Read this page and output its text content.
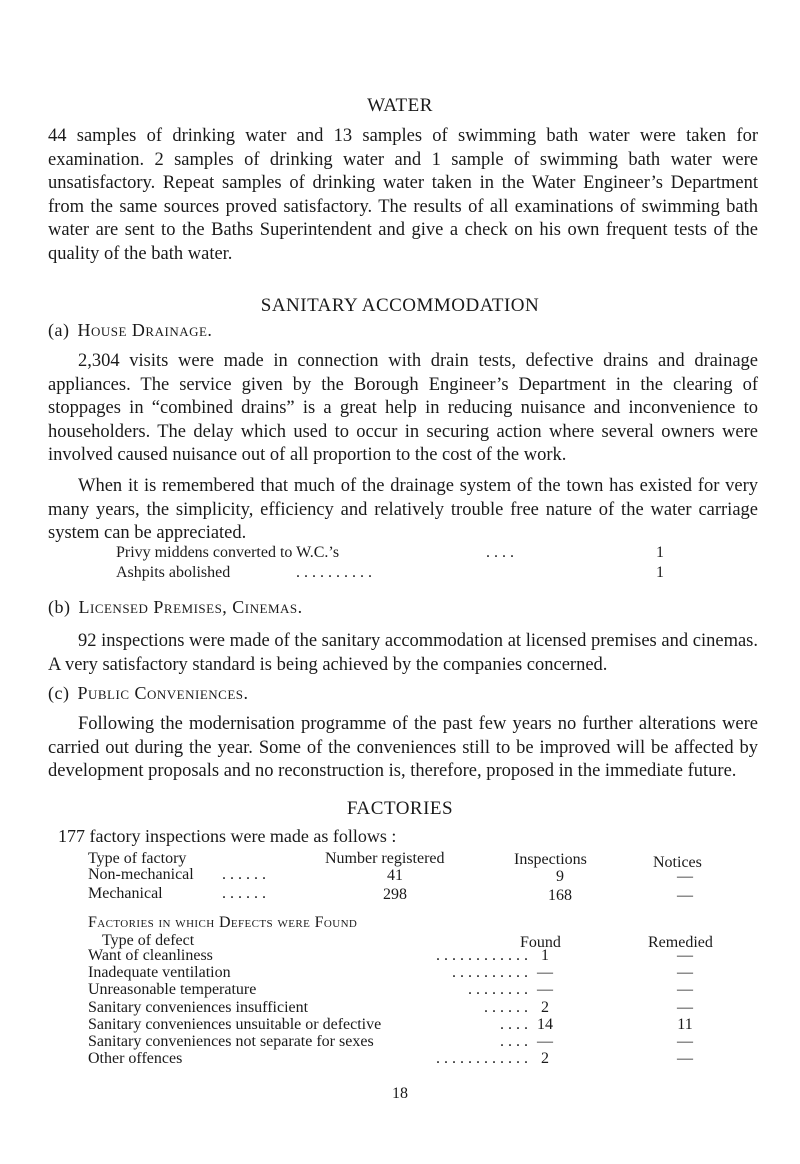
WATER

44 samples of drinking water and 13 samples of swimming bath water were taken for examination. 2 samples of drinking water and 1 sample of swimming bath water were unsatisfactory. Repeat samples of drinking water taken in the Water Engineer’s Department from the same sources proved satisfactory. The results of all examinations of swimming bath water are sent to the Baths Superintendent and give a check on his own frequent tests of the quality of the bath water.

SANITARY ACCOMMODATION
(a) House Drainage.

2,304 visits were made in connection with drain tests, defective drains and drainage appliances. The service given by the Borough Engineer’s Department in the clearing of stoppages in “combined drains” is a great help in reducing nuisance and inconvenience to householders. The delay which used to occur in securing action where several owners were involved caused nuisance out of all proportion to the cost of the work.

When it is remembered that much of the drainage system of the town has existed for very many years, the simplicity, efficiency and relatively trouble free nature of the water carriage system can be appreciated.

Privy middens converted to W.C.’s	. . . .	1
Ashpits abolished	. . . . . . . . . .	1
(b) Licensed Premises, Cinemas.

92 inspections were made of the sanitary accommodation at licensed premises and cinemas. A very satisfactory standard is being achieved by the companies concerned.

(c) Public Conveniences.

Following the modernisation programme of the past few years no further alterations were carried out during the year. Some of the conveniences still to be improved will be affected by development proposals and no reconstruction is, therefore, proposed in the immediate future.

FACTORIES
177 factory inspections were made as follows :
Type of factory	Number registered	Inspections	Notices
Non-mechanical . . . . . .	41	9	—
Mechanical	. . . . . .	298	168	—
Factories in which Defects were Found
Type of defect	Found	Remedied
Want of cleanliness	. . . . . . . . . . . . 1	—
Inadequate ventilation	. . . . . . . . . . —	—
Unreasonable temperature	. . . . . . . . —	—
Sanitary conveniences insufficient	. . . . . . 2	—
Sanitary conveniences unsuitable or defective	. . . . 14	11
Sanitary conveniences not separate for sexes	. . . . —	—
Other offences	. . . . . . . . . . . . 2	—
18
